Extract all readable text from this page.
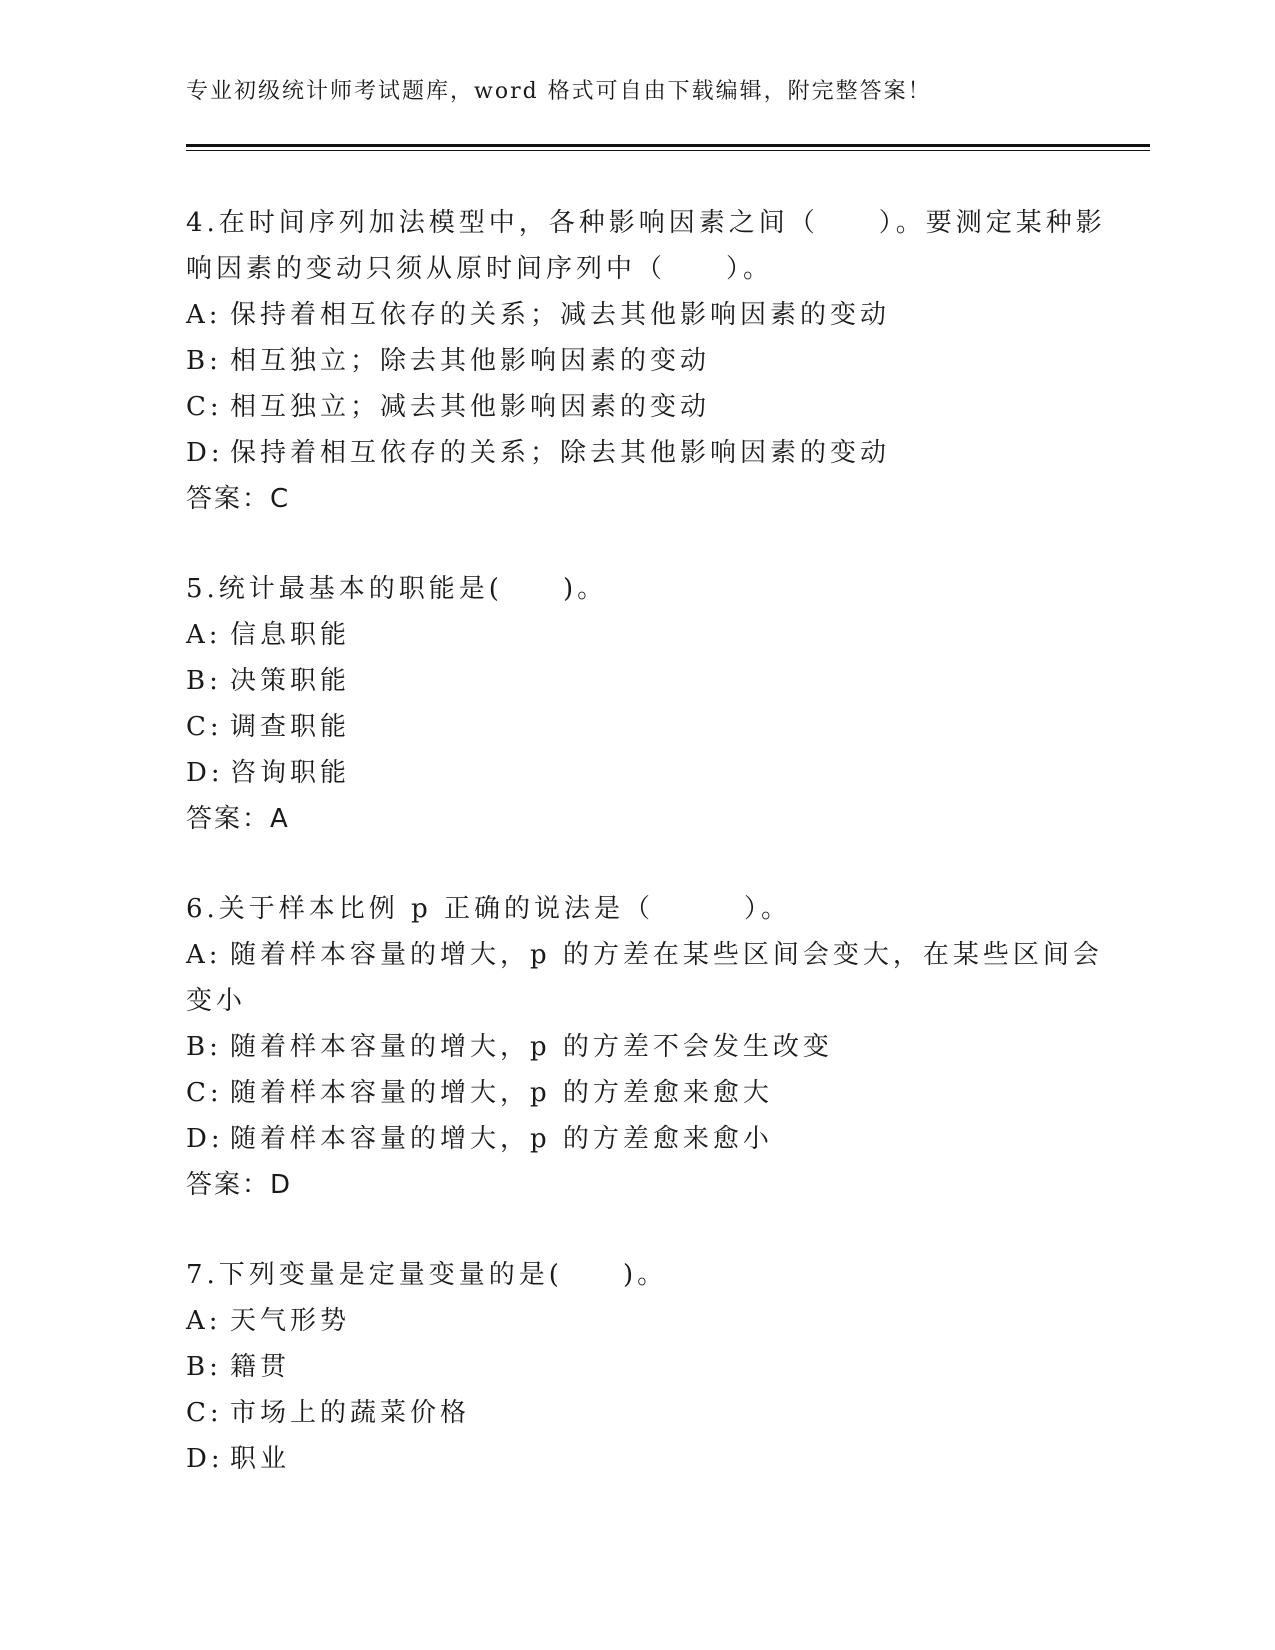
专业初级统计师考试题库，word 格式可自由下载编辑，附完整答案！
4.在时间序列加法模型中，各种影响因素之间（　　）。要测定某种影
响因素的变动只须从原时间序列中（　　）。
A: 保持着相互依存的关系；减去其他影响因素的变动
B: 相互独立；除去其他影响因素的变动
C: 相互独立；减去其他影响因素的变动
D: 保持着相互依存的关系；除去其他影响因素的变动
答案：C
5.统计最基本的职能是(　　)。
A: 信息职能
B: 决策职能
C: 调查职能
D: 咨询职能
答案：A
6.关于样本比例 p 正确的说法是（　　　）。
A: 随着样本容量的增大，p 的方差在某些区间会变大，在某些区间会
变小
B: 随着样本容量的增大，p 的方差不会发生改变
C: 随着样本容量的增大，p 的方差愈来愈大
D: 随着样本容量的增大，p 的方差愈来愈小
答案：D
7.下列变量是定量变量的是(　　)。
A: 天气形势
B: 籍贯
C: 市场上的蔬菜价格
D: 职业
